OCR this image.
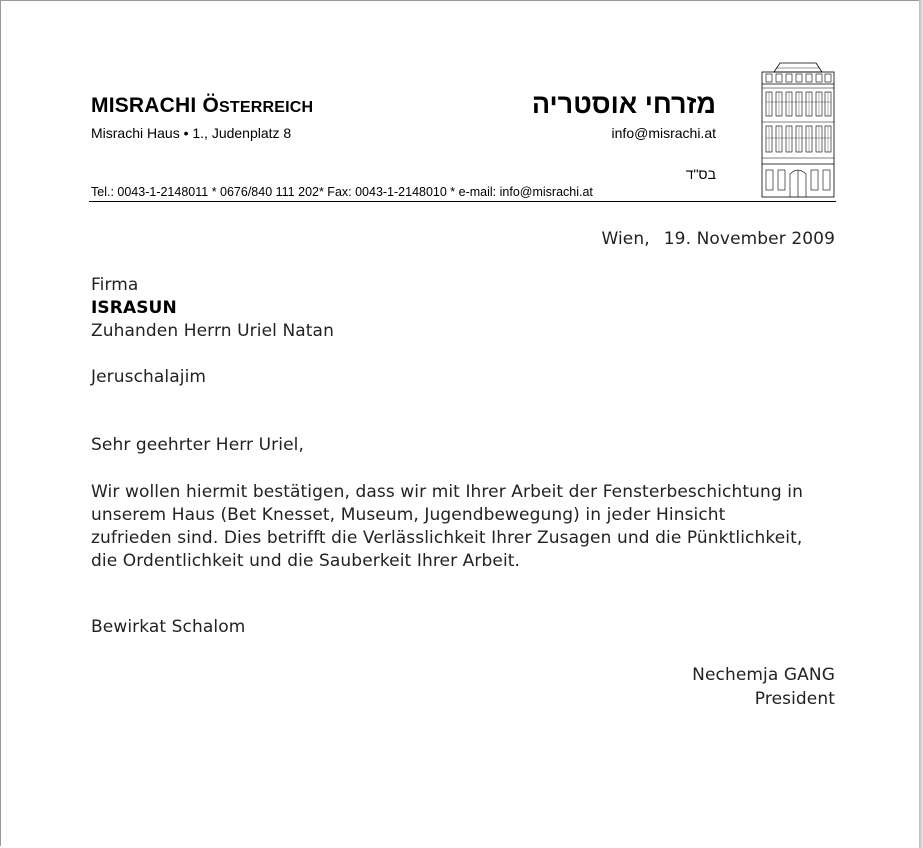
MISRACHI ÖSTERREICH
Misrachi Haus • 1., Judenplatz 8
מזרחי אוסטריה
info@misrachi.at
בס"ד
Tel.: 0043-1-2148011 * 0676/840 111 202* Fax: 0043-1-2148010 * e-mail: info@misrachi.at
Wien, 19. November 2009
Firma
ISRASUN
Zuhanden Herrn Uriel Natan
Jeruschalajim
Sehr geehrter Herr Uriel,
Wir wollen hiermit bestätigen, dass wir mit Ihrer Arbeit der Fensterbeschichtung in
unserem Haus (Bet Knesset, Museum, Jugendbewegung) in jeder Hinsicht
zufrieden sind. Dies betrifft die Verlässlichkeit Ihrer Zusagen und die Pünktlichkeit,
die Ordentlichkeit und die Sauberkeit Ihrer Arbeit.
Bewirkat Schalom
Nechemja GANG
President
